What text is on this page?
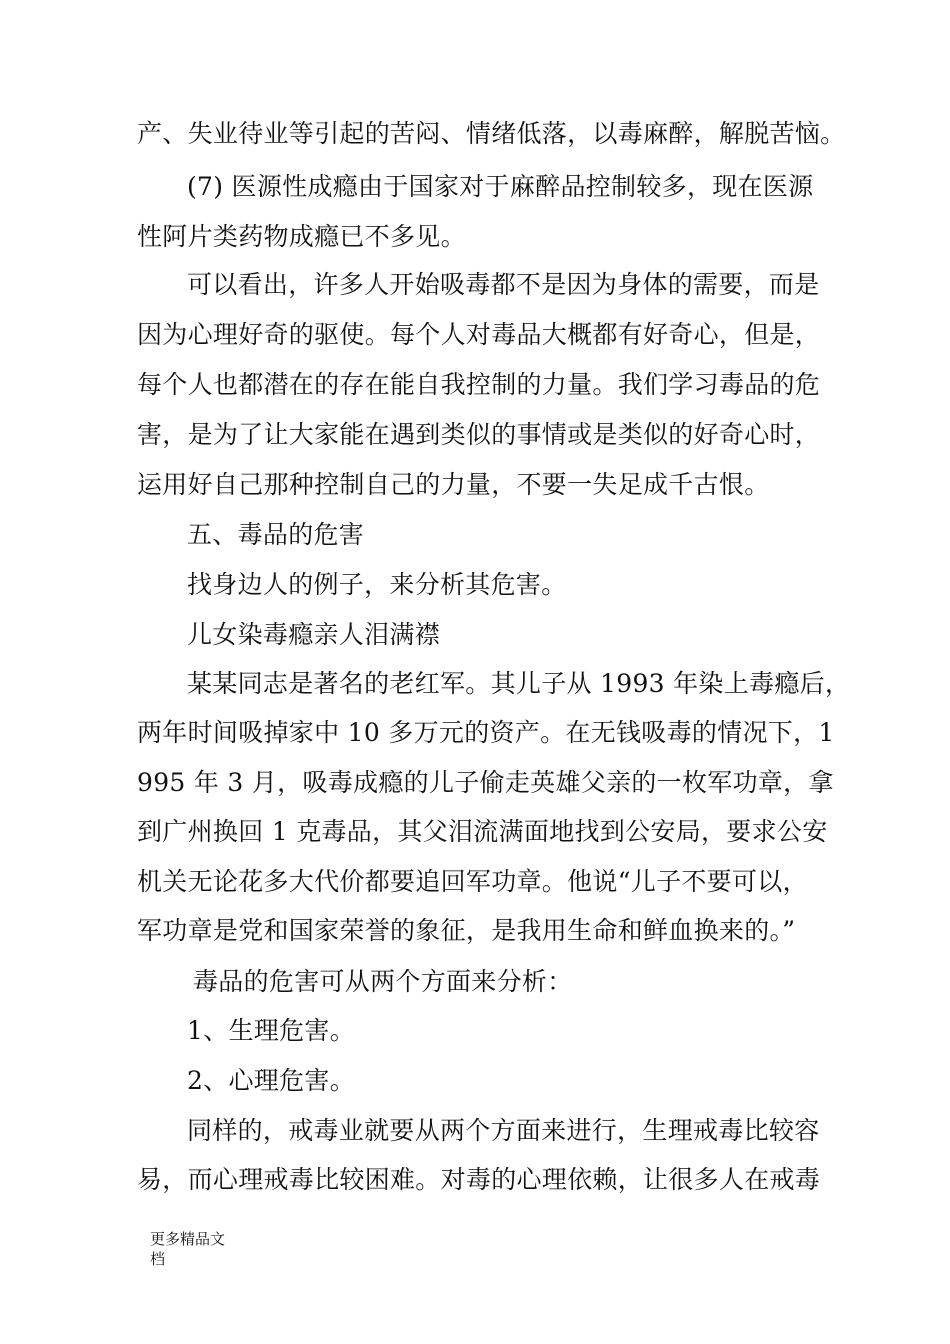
产、失业待业等引起的苦闷、情绪低落，以毒麻醉，解脱苦恼。
(7) 医源性成瘾由于国家对于麻醉品控制较多，现在医源
性阿片类药物成瘾已不多见。
可以看出，许多人开始吸毒都不是因为身体的需要，而是
因为心理好奇的驱使。每个人对毒品大概都有好奇心，但是，
每个人也都潜在的存在能自我控制的力量。我们学习毒品的危
害，是为了让大家能在遇到类似的事情或是类似的好奇心时，
运用好自己那种控制自己的力量，不要一失足成千古恨。
五、毒品的危害
找身边人的例子，来分析其危害。
儿女染毒瘾亲人泪满襟
某某同志是著名的老红军。其儿子从 1993 年染上毒瘾后，
两年时间吸掉家中 10 多万元的资产。在无钱吸毒的情况下，1
995 年 3 月，吸毒成瘾的儿子偷走英雄父亲的一枚军功章，拿
到广州换回 1 克毒品，其父泪流满面地找到公安局，要求公安
机关无论花多大代价都要追回军功章。他说“儿子不要可以，
军功章是党和国家荣誉的象征，是我用生命和鲜血换来的。”
毒品的危害可从两个方面来分析：
1、生理危害。
2、心理危害。
同样的，戒毒业就要从两个方面来进行，生理戒毒比较容
易，而心理戒毒比较困难。对毒的心理依赖，让很多人在戒毒
更多精品文
档
